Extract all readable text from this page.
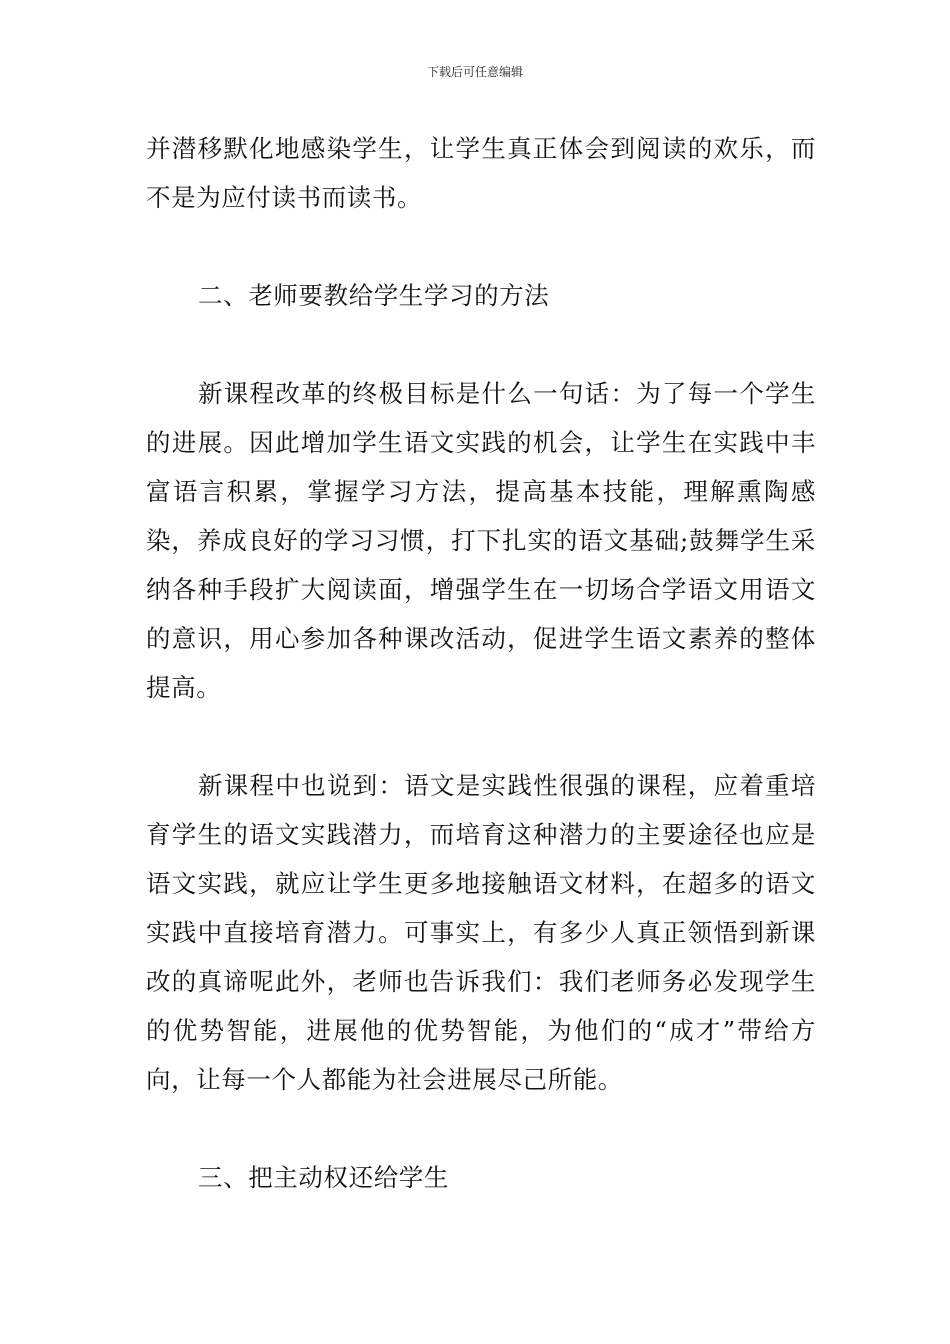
下载后可任意编辑

并潜移默化地感染学生，让学生真正体会到阅读的欢乐，而不是为应付读书而读书。

二、老师要教给学生学习的方法

新课程改革的终极目标是什么一句话：为了每一个学生的进展。因此增加学生语文实践的机会，让学生在实践中丰富语言积累，掌握学习方法，提高基本技能，理解熏陶感染，养成良好的学习习惯，打下扎实的语文基础;鼓舞学生采纳各种手段扩大阅读面，增强学生在一切场合学语文用语文的意识，用心参加各种课改活动，促进学生语文素养的整体提高。

新课程中也说到：语文是实践性很强的课程，应着重培育学生的语文实践潜力，而培育这种潜力的主要途径也应是语文实践，就应让学生更多地接触语文材料，在超多的语文实践中直接培育潜力。可事实上，有多少人真正领悟到新课改的真谛呢此外，老师也告诉我们：我们老师务必发现学生的优势智能，进展他的优势智能，为他们的“成才”带给方向，让每一个人都能为社会进展尽己所能。

三、把主动权还给学生
